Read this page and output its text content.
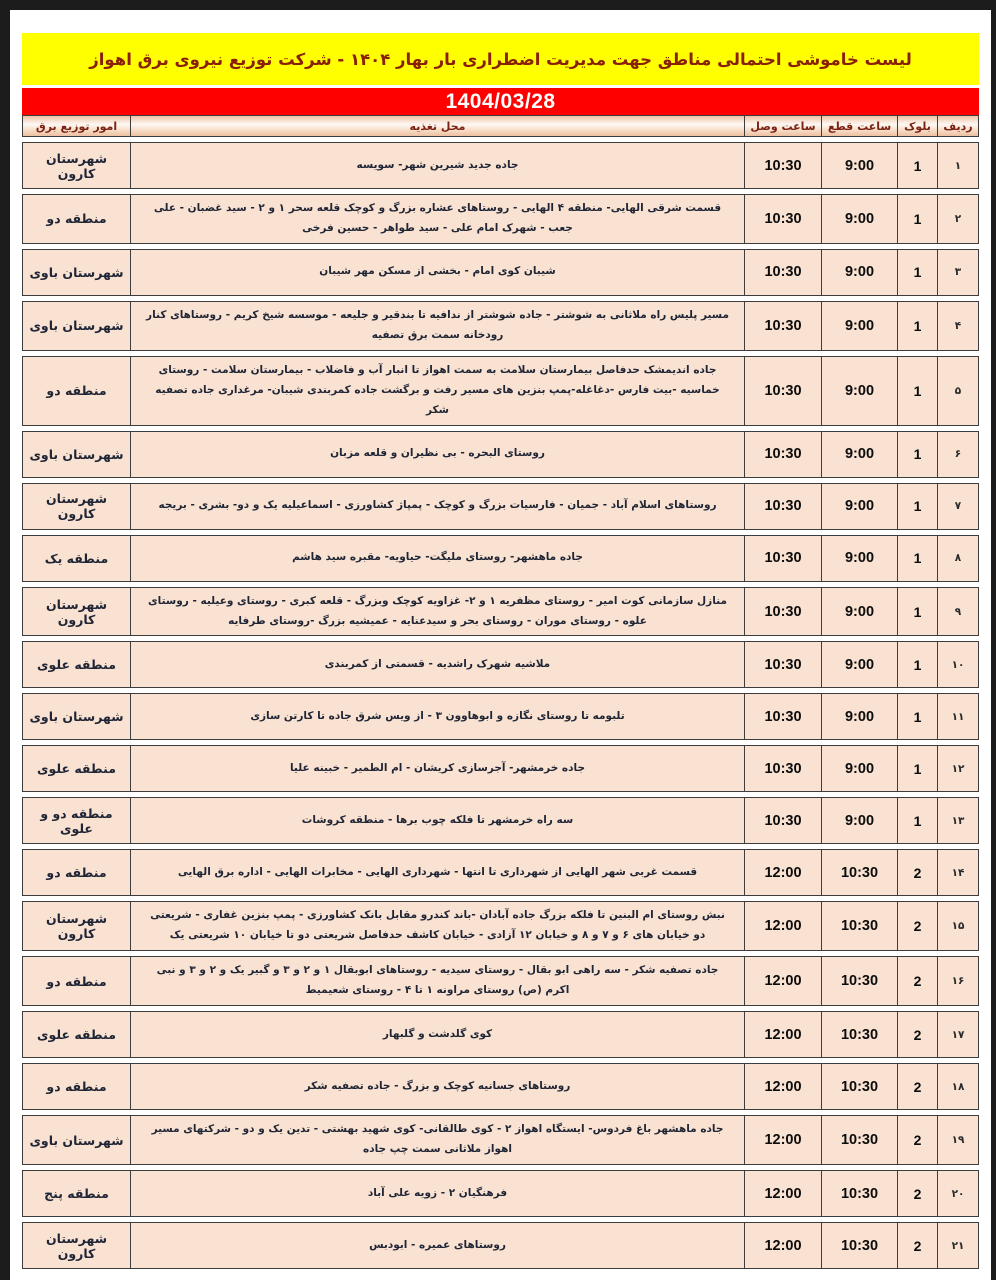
لیست خاموشی احتمالی مناطق جهت مدیریت اضطراری بار بهار ۱۴۰۴ - شرکت توزیع نیروی برق اهواز
1404/03/28
ردیف	بلوک	ساعت قطع	ساعت وصل	محل تغذیه	امور توزیع برق
۱	1	9:00	10:30	جاده جدید شیرین شهر- سویسه	شهرستان کارون
۲	1	9:00	10:30	قسمت شرقی الهایی- منطقه ۴ الهایی - روستاهای عشاره بزرگ و کوچک قلعه سحر ۱ و ۲ - سید غضبان - علی جعب - شهرک امام علی - سید طواهر - حسین فرخی	منطقه دو
۳	1	9:00	10:30	شیبان کوی امام - بخشی از مسکن مهر شیبان	شهرستان باوی
۴	1	9:00	10:30	مسیر پلیس راه ملاثانی به شوشتر - جاده شوشتر از ندافیه تا بندقیر و جلیعه - موسسه شیخ کریم - روستاهای کنار رودخانه سمت برق تصفیه	شهرستان باوی
۵	1	9:00	10:30	جاده اندیمشک حدفاصل بیمارستان سلامت به سمت اهواز تا انبار آب و فاضلاب - بیمارستان سلامت - روستای خماسیه -بیت فارس -دغاغله-پمپ بنزین های مسیر رفت و برگشت جاده کمربندی شیبان- مرغداری جاده تصفیه شکر	منطقه دو
۶	1	9:00	10:30	روستای البحره - بی نظیران و قلعه مزبان	شهرستان باوی
۷	1	9:00	10:30	روستاهای اسلام آباد - جمیان - فارسیات بزرگ و کوچک - پمپاژ کشاورزی - اسماعیلیه یک و دو- بشری - بریجه	شهرستان کارون
۸	1	9:00	10:30	جاده ماهشهر- روستای ملیگت- حیاویه- مقبره سید هاشم	منطقه یک
۹	1	9:00	10:30	منازل سازمانی کوت امیر - روستای مظفریه ۱ و ۲- غزاویه کوچک وبزرگ - قلعه کبری - روستای وعیلیه - روستای علوه - روستای موران - روستای بحر و سیدعنایه - عمیشیه بزرگ -روستای طرفایه	شهرستان کارون
۱۰	1	9:00	10:30	ملاشیه شهرک راشدیه - قسمتی از کمربندی	منطقه علوی
۱۱	1	9:00	10:30	تلبومه تا روستای نگازه و ابوهاوون ۳ - از ویس شرق جاده تا کارتن سازی	شهرستان باوی
۱۲	1	9:00	10:30	جاده خرمشهر- آجرسازی کریشان - ام الطمیر - خبینه علیا	منطقه علوی
۱۳	1	9:00	10:30	سه راه خرمشهر تا فلکه چوب برها - منطقه کروشات	منطقه دو و علوی
۱۴	2	10:30	12:00	قسمت غربی شهر الهایی از شهرداری تا انتها - شهرداری الهایی - مخابرات الهایی - اداره برق الهایی	منطقه دو
۱۵	2	10:30	12:00	نبش روستای ام البنین تا فلکه بزرگ جاده آبادان -باند کندرو مقابل بانک کشاورزی - پمپ بنزین غفاری - شریعتی دو خیابان های ۶ و ۷ و ۸ و خیابان ۱۲ آزادی - خیابان کاشف حدفاصل شریعتی دو تا خیابان ۱۰ شریعتی یک	شهرستان کارون
۱۶	2	10:30	12:00	جاده تصفیه شکر - سه راهی ابو بقال - روستای سیدیه - روستاهای ابوبقال ۱ و ۲ و ۳ و گبیر یک و ۲ و ۳ و نبی اکرم (ص) روستای مراونه ۱ تا ۴ - روستای شعیمیط	منطقه دو
۱۷	2	10:30	12:00	کوی گلدشت و گلبهار	منطقه علوی
۱۸	2	10:30	12:00	روستاهای جسانیه کوچک و بزرگ - جاده تصفیه شکر	منطقه دو
۱۹	2	10:30	12:00	جاده ماهشهر باغ فردوس- ایستگاه اهواز ۲ - کوی طالقانی- کوی شهید بهشتی - تدین یک و دو - شرکتهای مسیر اهواز ملاثانی سمت چپ جاده	شهرستان باوی
۲۰	2	10:30	12:00	فرهنگیان ۲ - زویه علی آباد	منطقه پنج
۲۱	2	10:30	12:00	روستاهای عمیره - ابودبس	شهرستان کارون
